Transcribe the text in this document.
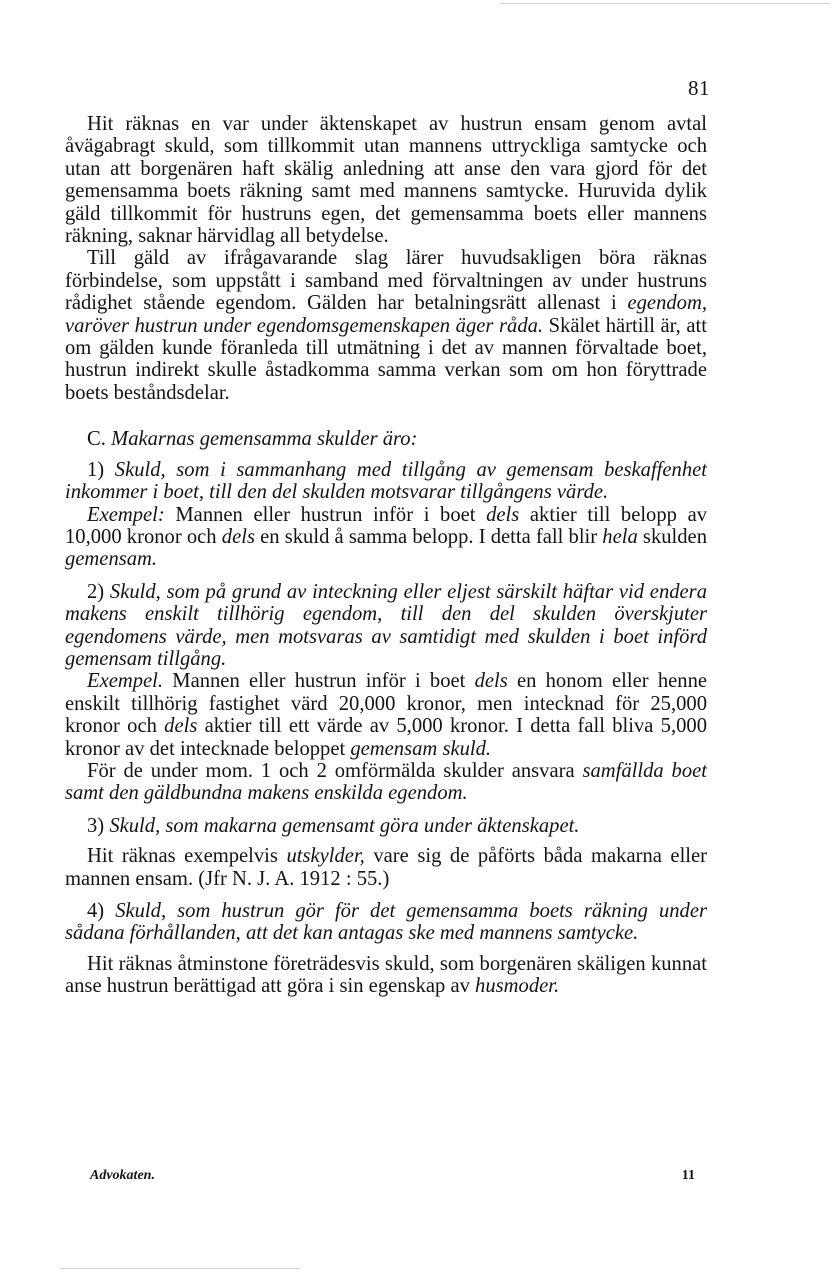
81

Hit räknas en var under äktenskapet av hustrun ensam genom avtal åvägabragt skuld, som tillkommit utan mannens uttryckliga samtycke och utan att borgenären haft skälig anledning att anse den vara gjord för det gemensamma boets räkning samt med mannens samtycke. Huruvida dylik gäld tillkommit för hustruns egen, det gemensamma boets eller mannens räkning, saknar härvidlag all betydelse.

Till gäld av ifrågavarande slag lärer huvudsakligen böra räknas förbindelse, som uppstått i samband med förvaltningen av under hustruns rådighet stående egendom. Gälden har betalningsrätt allenast i egendom, varöver hustrun under egendomsgemenskapen äger råda. Skälet härtill är, att om gälden kunde föranleda till utmätning i det av mannen förvaltade boet, hustrun indirekt skulle åstadkomma samma verkan som om hon föryttrade boets beståndsdelar.

C. Makarnas gemensamma skulder äro:

1) Skuld, som i sammanhang med tillgång av gemensam beskaffenhet inkommer i boet, till den del skulden motsvarar tillgångens värde.

Exempel: Mannen eller hustrun inför i boet dels aktier till belopp av 10,000 kronor och dels en skuld å samma belopp. I detta fall blir hela skulden gemensam.

2) Skuld, som på grund av inteckning eller eljest särskilt häftar vid endera makens enskilt tillhörig egendom, till den del skulden överskjuter egendomens värde, men motsvaras av samtidigt med skulden i boet införd gemensam tillgång.

Exempel. Mannen eller hustrun inför i boet dels en honom eller henne enskilt tillhörig fastighet värd 20,000 kronor, men intecknad för 25,000 kronor och dels aktier till ett värde av 5,000 kronor. I detta fall bliva 5,000 kronor av det intecknade beloppet gemensam skuld.

För de under mom. 1 och 2 omförmälda skulder ansvara samfällda boet samt den gäldbundna makens enskilda egendom.

3) Skuld, som makarna gemensamt göra under äktenskapet.

Hit räknas exempelvis utskylder, vare sig de påförts båda makarna eller mannen ensam. (Jfr N. J. A. 1912 : 55.)

4) Skuld, som hustrun gör för det gemensamma boets räkning under sådana förhållanden, att det kan antagas ske med mannens samtycke.

Hit räknas åtminstone företrädesvis skuld, som borgenären skäligen kunnat anse hustrun berättigad att göra i sin egenskap av husmoder.

Advokaten.	11
